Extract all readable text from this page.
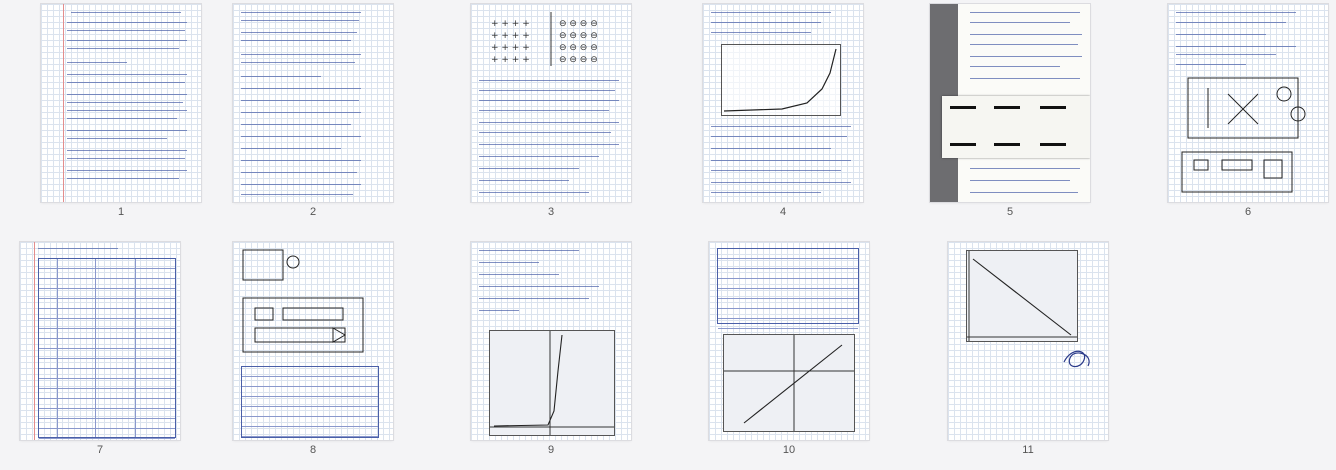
1	2
+ + + +
+ + + +
+ + + +
+ + + +
⊖ ⊖ ⊖ ⊖
⊖ ⊖ ⊖ ⊖
⊖ ⊖ ⊖ ⊖
⊖ ⊖ ⊖ ⊖
3	4	5	6
7	8	9	10	11
